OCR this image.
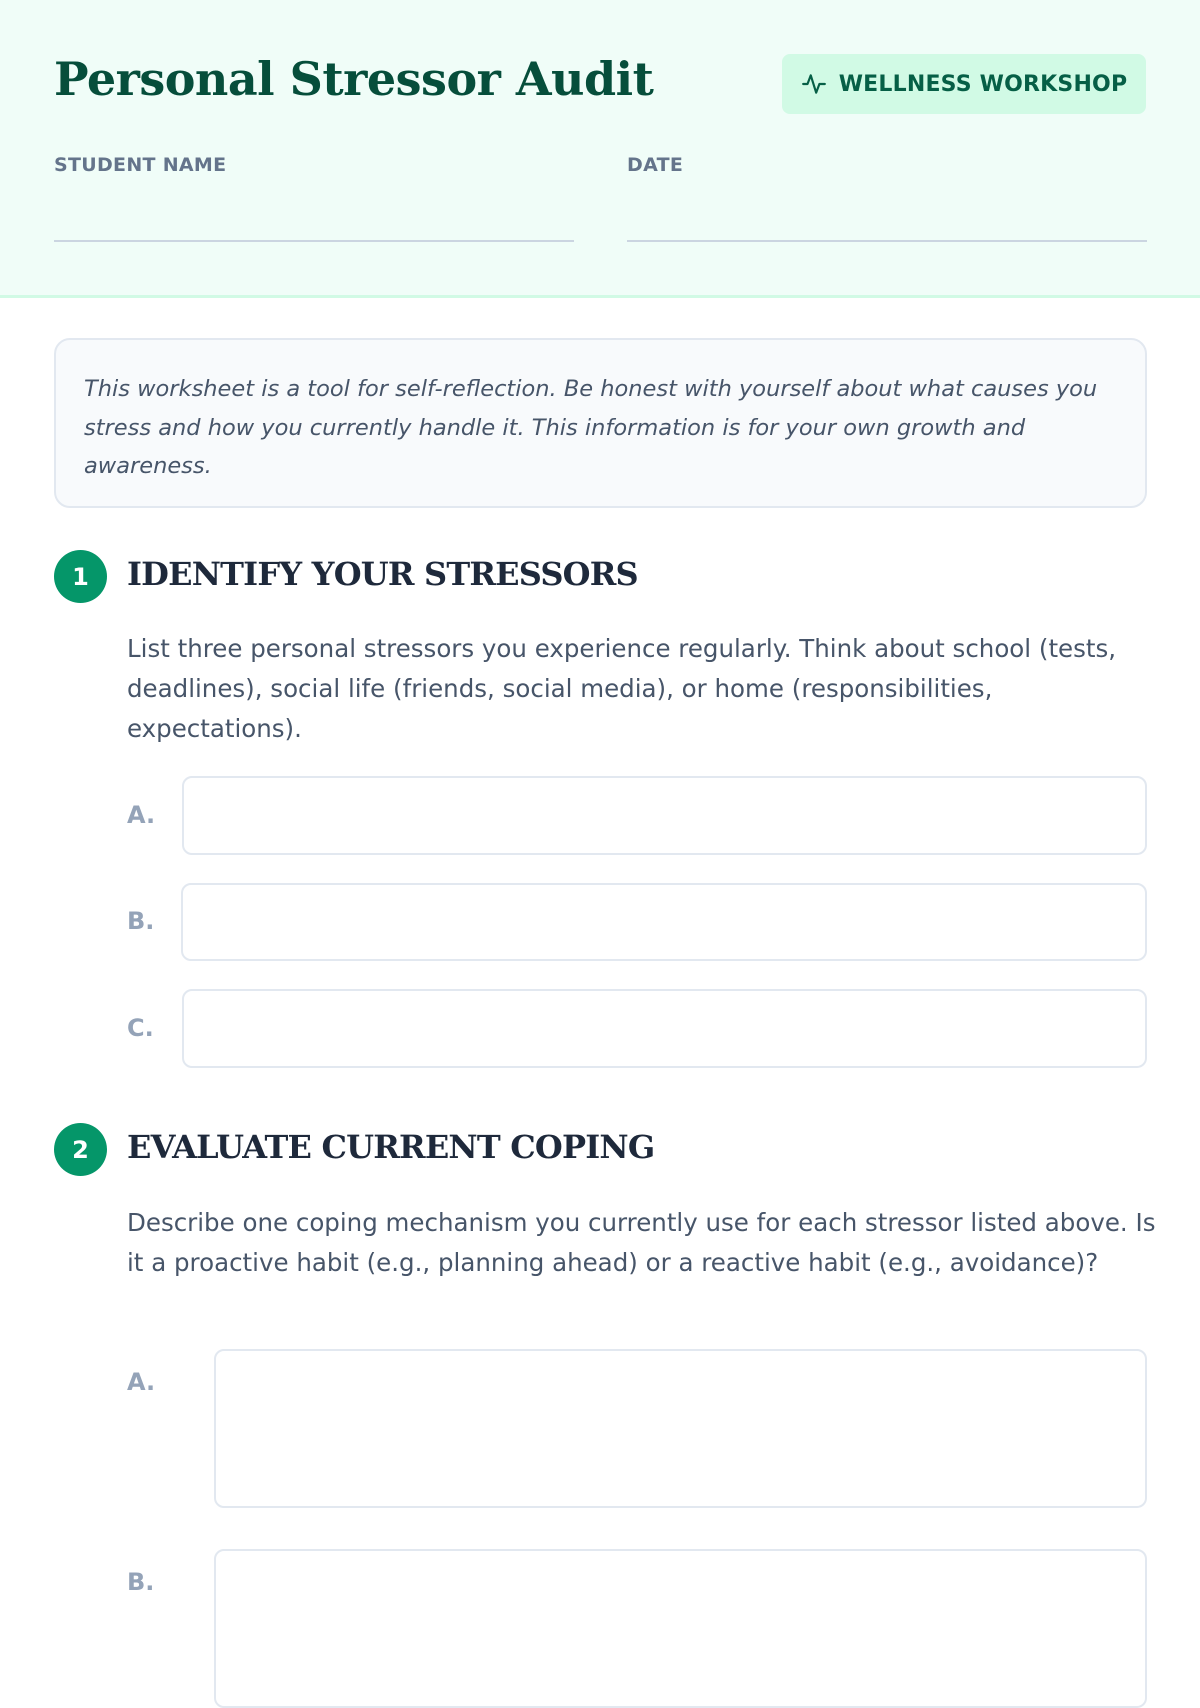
Personal Stressor Audit	WELLNESS WORKSHOP
STUDENT NAME	DATE

This worksheet is a tool for self-reflection. Be honest with yourself about what causes you stress and how you currently handle it. This information is for your own growth and awareness.

1	IDENTIFY YOUR STRESSORS

List three personal stressors you experience regularly. Think about school (tests, deadlines), social life (friends, social media), or home (responsibilities, expectations).

A.
B.
C.
2	EVALUATE CURRENT COPING

Describe one coping mechanism you currently use for each stressor listed above. Is it a proactive habit (e.g., planning ahead) or a reactive habit (e.g., avoidance)?

A.
B.
